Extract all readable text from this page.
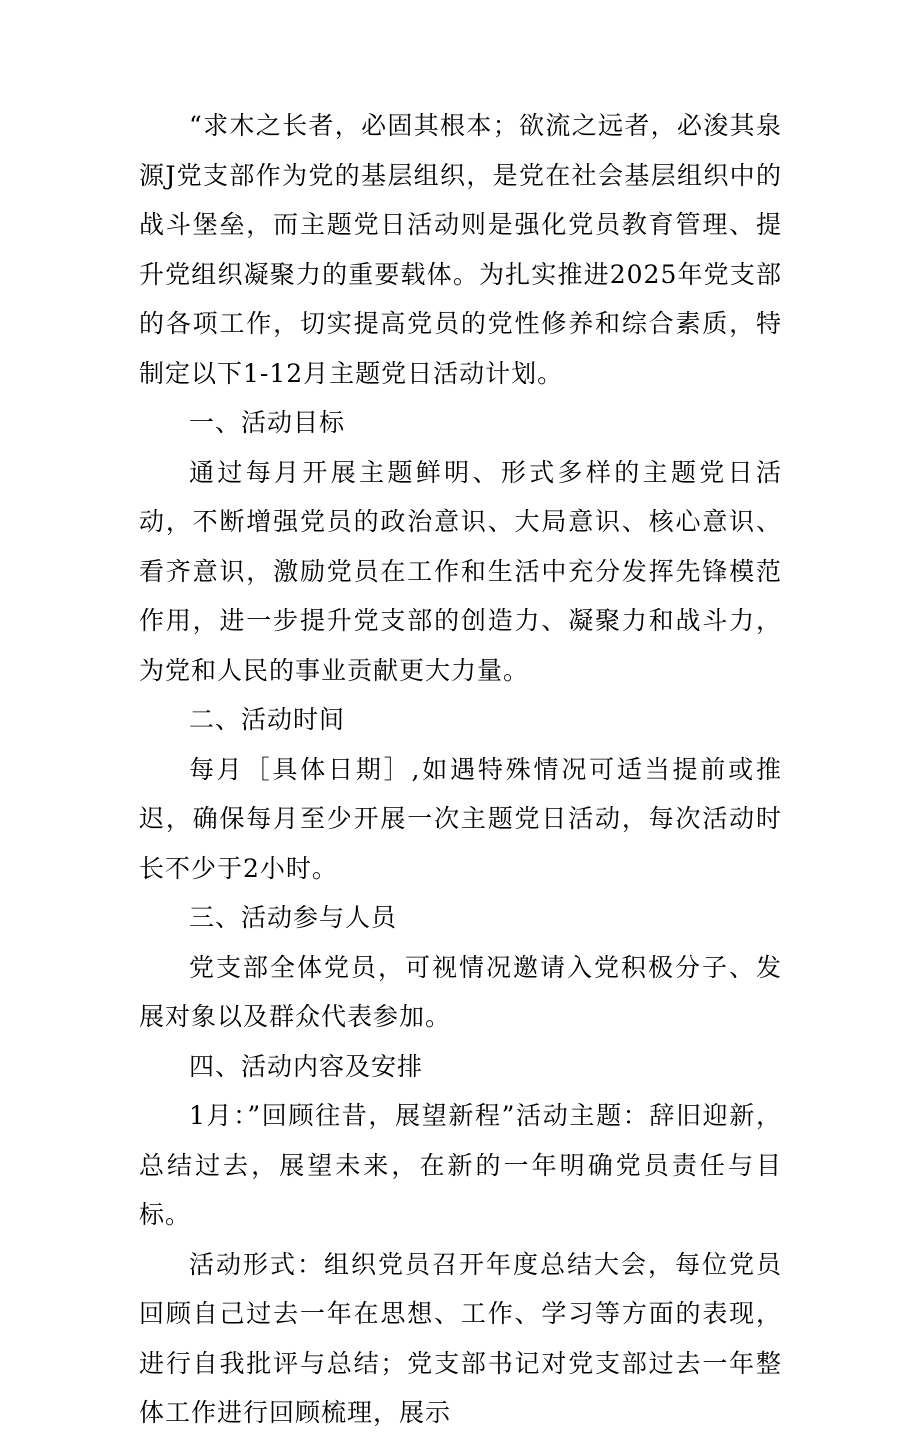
“求木之长者，必固其根本；欲流之远者，必浚其泉源J党支部作为党的基层组织，是党在社会基层组织中的战斗堡垒，而主题党日活动则是强化党员教育管理、提升党组织凝聚力的重要载体。为扎实推进2025年党支部的各项工作，切实提高党员的党性修养和综合素质，特制定以下1-12月主题党日活动计划。

一、活动目标

通过每月开展主题鲜明、形式多样的主题党日活动，不断增强党员的政治意识、大局意识、核心意识、看齐意识，激励党员在工作和生活中充分发挥先锋模范作用，进一步提升党支部的创造力、凝聚力和战斗力，为党和人民的事业贡献更大力量。

二、活动时间

每月［具体日期］,如遇特殊情况可适当提前或推迟，确保每月至少开展一次主题党日活动，每次活动时长不少于2小时。

三、活动参与人员

党支部全体党员，可视情况邀请入党积极分子、发展对象以及群众代表参加。

四、活动内容及安排

1月：”回顾往昔，展望新程”活动主题：辞旧迎新，总结过去，展望未来，在新的一年明确党员责任与目标。

活动形式：组织党员召开年度总结大会，每位党员回顾自己过去一年在思想、工作、学习等方面的表现，进行自我批评与总结；党支部书记对党支部过去一年整体工作进行回顾梳理，展示
